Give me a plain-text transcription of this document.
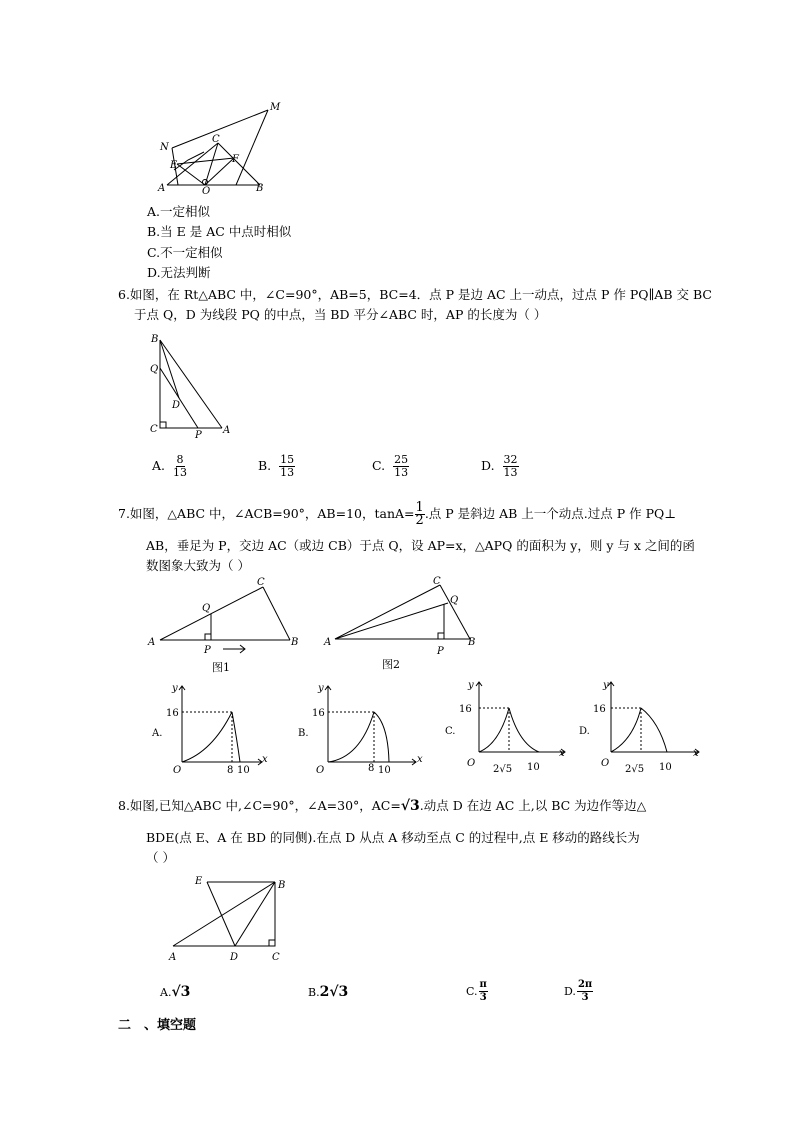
M
N
C
E
F
A	O	B
A.一定相似
B.当 E 是 AC 中点时相似
C.不一定相似
D.无法判断
6.如图，在 Rt△ABC 中，∠C=90°，AB=5，BC=4．点 P 是边 AC 上一动点，过点 P 作 PQ∥AB 交 BC
于点 Q，D 为线段 PQ 的中点，当 BD 平分∠ABC 时，AP 的长度为（ ）
B
Q
D
C
P A
A. $\frac{8}{13}$	B. $\frac{15}{13}$	C. $\frac{25}{13}$	D. $\frac{32}{13}$
7.如图，△ABC 中，∠ACB=90°，AB=10，$\tan A= \frac{1}{2}$ .点 P 是斜边 AB 上一个动点.过点 P 作 PQ⊥
AB，垂足为 P，交边 AC（或边 CB）于点 Q，设 AP=x，△APQ 的面积为 y，则 y 与 x 之间的函
数图象大致为（ ）
A	B
C
Q
P
图1
A	B
C
Q
P
图2
A.
y
16
O	8 10
x
B.
y
16
O	8 10
x
C.
y
16
O
2√5 10
x
D.
y
16
O
2√5 10
x
8.如图,已知△ABC 中,∠C=90°，∠A=30°，AC=√3.动点 D 在边 AC 上,以 BC 为边作等边△
BDE(点 E、A 在 BD 的同侧).在点 D 从点 A 移动至点 C 的过程中,点 E 移动的路线长为
（ ）
E	B
A	D	C
A.√3	B.2√3	C. $\frac{\pi}{3}$	D. $\frac{2\pi}{3}$
二　、填空题
